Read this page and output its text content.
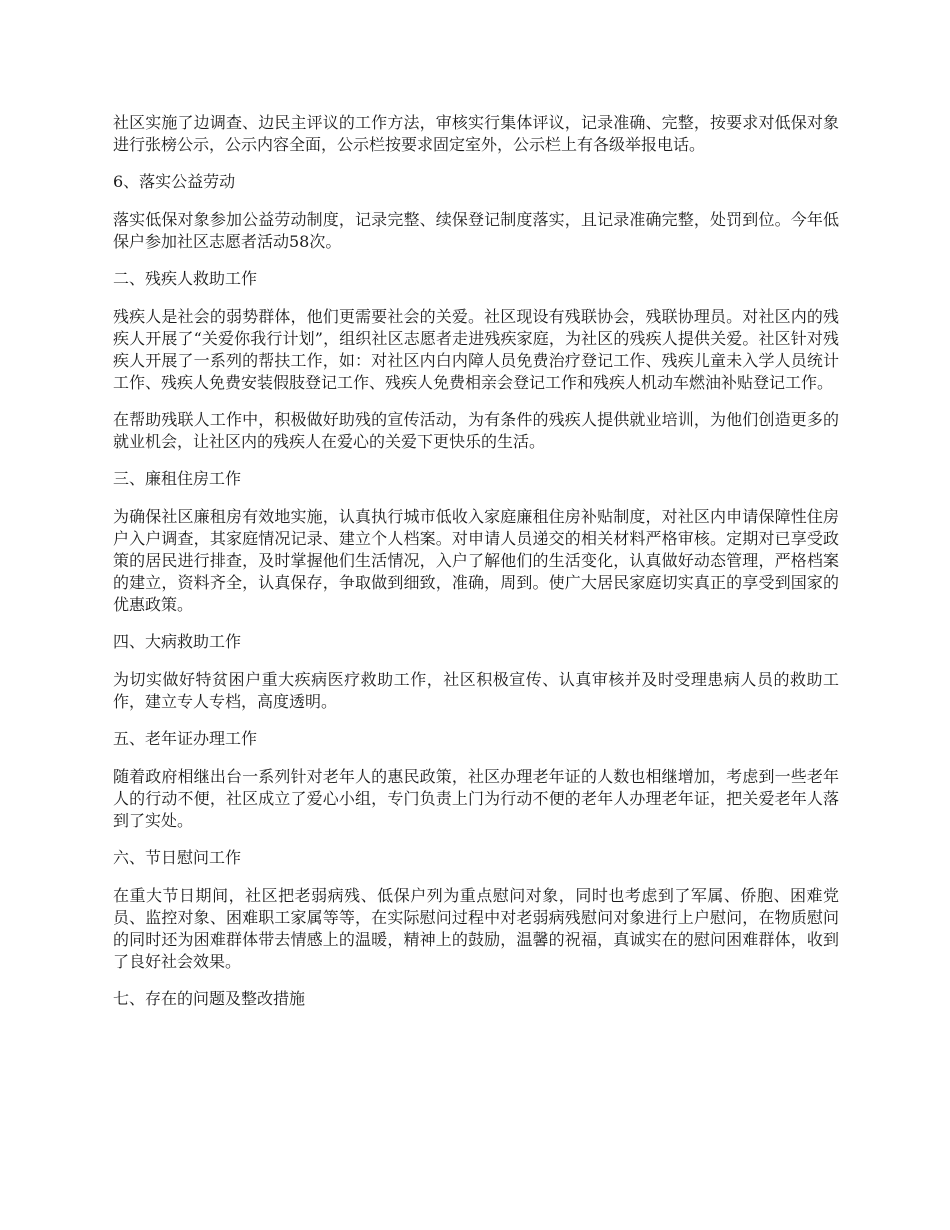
社区实施了边调查、边民主评议的工作方法，审核实行集体评议，记录准确、完整，按要求对低保对象进行张榜公示，公示内容全面，公示栏按要求固定室外，公示栏上有各级举报电话。

6、落实公益劳动

落实低保对象参加公益劳动制度，记录完整、续保登记制度落实，且记录准确完整，处罚到位。今年低保户参加社区志愿者活动58次。

二、残疾人救助工作

残疾人是社会的弱势群体，他们更需要社会的关爱。社区现设有残联协会，残联协理员。对社区内的残疾人开展了“关爱你我行计划”，组织社区志愿者走进残疾家庭，为社区的残疾人提供关爱。社区针对残疾人开展了一系列的帮扶工作，如：对社区内白内障人员免费治疗登记工作、残疾儿童未入学人员统计工作、残疾人免费安装假肢登记工作、残疾人免费相亲会登记工作和残疾人机动车燃油补贴登记工作。

在帮助残联人工作中，积极做好助残的宣传活动，为有条件的残疾人提供就业培训，为他们创造更多的就业机会，让社区内的残疾人在爱心的关爱下更快乐的生活。

三、廉租住房工作

为确保社区廉租房有效地实施，认真执行城市低收入家庭廉租住房补贴制度，对社区内申请保障性住房户入户调查，其家庭情况记录、建立个人档案。对申请人员递交的相关材料严格审核。定期对已享受政策的居民进行排查，及时掌握他们生活情况，入户了解他们的生活变化，认真做好动态管理，严格档案的建立，资料齐全，认真保存，争取做到细致，准确，周到。使广大居民家庭切实真正的享受到国家的优惠政策。

四、大病救助工作

为切实做好特贫困户重大疾病医疗救助工作，社区积极宣传、认真审核并及时受理患病人员的救助工作，建立专人专档，高度透明。

五、老年证办理工作

随着政府相继出台一系列针对老年人的惠民政策，社区办理老年证的人数也相继增加，考虑到一些老年人的行动不便，社区成立了爱心小组，专门负责上门为行动不便的老年人办理老年证，把关爱老年人落到了实处。

六、节日慰问工作

在重大节日期间，社区把老弱病残、低保户列为重点慰问对象，同时也考虑到了军属、侨胞、困难党员、监控对象、困难职工家属等等，在实际慰问过程中对老弱病残慰问对象进行上户慰问，在物质慰问的同时还为困难群体带去情感上的温暖，精神上的鼓励，温馨的祝福，真诚实在的慰问困难群体，收到了良好社会效果。

七、存在的问题及整改措施
